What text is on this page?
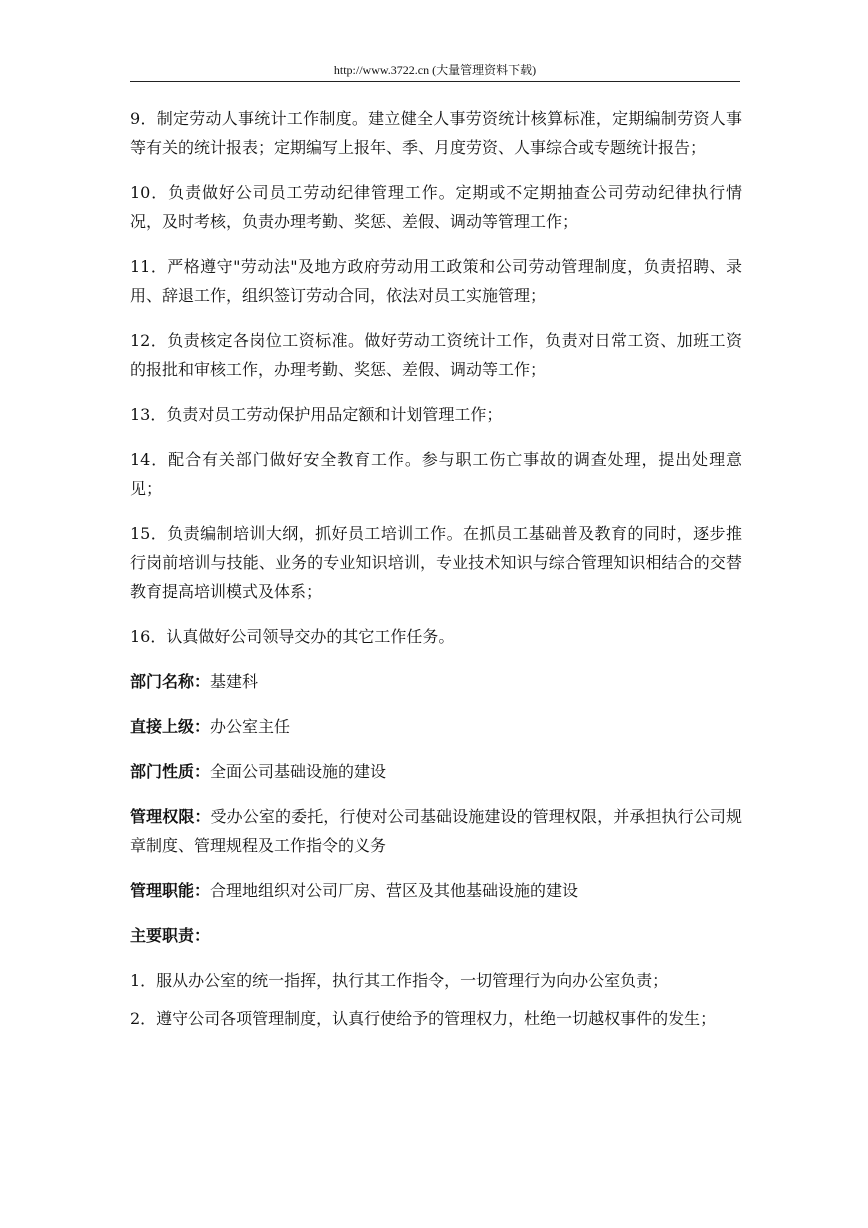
http://www.3722.cn (大量管理资料下载)

9．制定劳动人事统计工作制度。建立健全人事劳资统计核算标准，定期编制劳资人事等有关的统计报表；定期编写上报年、季、月度劳资、人事综合或专题统计报告；

10．负责做好公司员工劳动纪律管理工作。定期或不定期抽查公司劳动纪律执行情况，及时考核，负责办理考勤、奖惩、差假、调动等管理工作；

11．严格遵守"劳动法"及地方政府劳动用工政策和公司劳动管理制度，负责招聘、录用、辞退工作，组织签订劳动合同，依法对员工实施管理；

12．负责核定各岗位工资标准。做好劳动工资统计工作，负责对日常工资、加班工资的报批和审核工作，办理考勤、奖惩、差假、调动等工作；

13．负责对员工劳动保护用品定额和计划管理工作；

14．配合有关部门做好安全教育工作。参与职工伤亡事故的调查处理，提出处理意见；

15．负责编制培训大纲，抓好员工培训工作。在抓员工基础普及教育的同时，逐步推行岗前培训与技能、业务的专业知识培训，专业技术知识与综合管理知识相结合的交替教育提高培训模式及体系；

16．认真做好公司领导交办的其它工作任务。

部门名称：基建科

直接上级：办公室主任

部门性质：全面公司基础设施的建设

管理权限：受办公室的委托，行使对公司基础设施建设的管理权限，并承担执行公司规章制度、管理规程及工作指令的义务

管理职能：合理地组织对公司厂房、营区及其他基础设施的建设

主要职责：

1．服从办公室的统一指挥，执行其工作指令，一切管理行为向办公室负责；

2．遵守公司各项管理制度，认真行使给予的管理权力，杜绝一切越权事件的发生；
